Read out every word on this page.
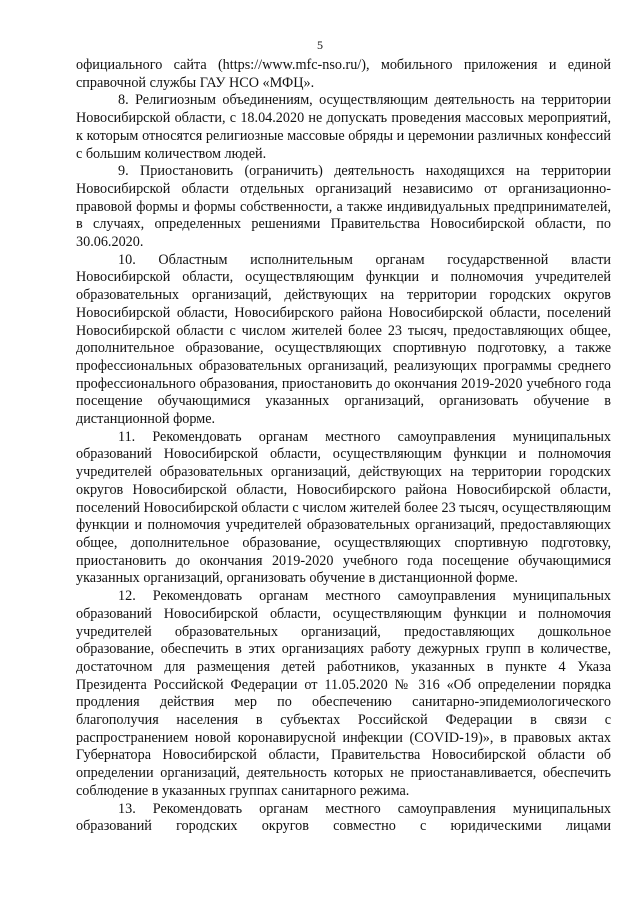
5

официального сайта (https://www.mfc-nso.ru/), мобильного приложения и единой справочной службы ГАУ НСО «МФЦ».

8. Религиозным объединениям, осуществляющим деятельность на территории Новосибирской области, с 18.04.2020 не допускать проведения массовых мероприятий, к которым относятся религиозные массовые обряды и церемонии различных конфессий с большим количеством людей.

9. Приостановить (ограничить) деятельность находящихся на территории Новосибирской области отдельных организаций независимо от организационно-правовой формы и формы собственности, а также индивидуальных предпринимателей, в случаях, определенных решениями Правительства Новосибирской области, по 30.06.2020.

10. Областным исполнительным органам государственной власти Новосибирской области, осуществляющим функции и полномочия учредителей образовательных организаций, действующих на территории городских округов Новосибирской области, Новосибирского района Новосибирской области, поселений Новосибирской области с числом жителей более 23 тысяч, предоставляющих общее, дополнительное образование, осуществляющих спортивную подготовку, а также профессиональных образовательных организаций, реализующих программы среднего профессионального образования, приостановить до окончания 2019-2020 учебного года посещение обучающимися указанных организаций, организовать обучение в дистанционной форме.

11. Рекомендовать органам местного самоуправления муниципальных образований Новосибирской области, осуществляющим функции и полномочия учредителей образовательных организаций, действующих на территории городских округов Новосибирской области, Новосибирского района Новосибирской области, поселений Новосибирской области с числом жителей более 23 тысяч, осуществляющим функции и полномочия учредителей образовательных организаций, предоставляющих общее, дополнительное образование, осуществляющих спортивную подготовку, приостановить до окончания 2019-2020 учебного года посещение обучающимися указанных организаций, организовать обучение в дистанционной форме.

12. Рекомендовать органам местного самоуправления муниципальных образований Новосибирской области, осуществляющим функции и полномочия учредителей образовательных организаций, предоставляющих дошкольное образование, обеспечить в этих организациях работу дежурных групп в количестве, достаточном для размещения детей работников, указанных в пункте 4 Указа Президента Российской Федерации от 11.05.2020 № 316 «Об определении порядка продления действия мер по обеспечению санитарно-эпидемиологического благополучия населения в субъектах Российской Федерации в связи с распространением новой коронавирусной инфекции (COVID-19)», в правовых актах Губернатора Новосибирской области, Правительства Новосибирской области об определении организаций, деятельность которых не приостанавливается, обеспечить соблюдение в указанных группах санитарного режима.

13. Рекомендовать органам местного самоуправления муниципальных образований городских округов совместно с юридическими лицами
